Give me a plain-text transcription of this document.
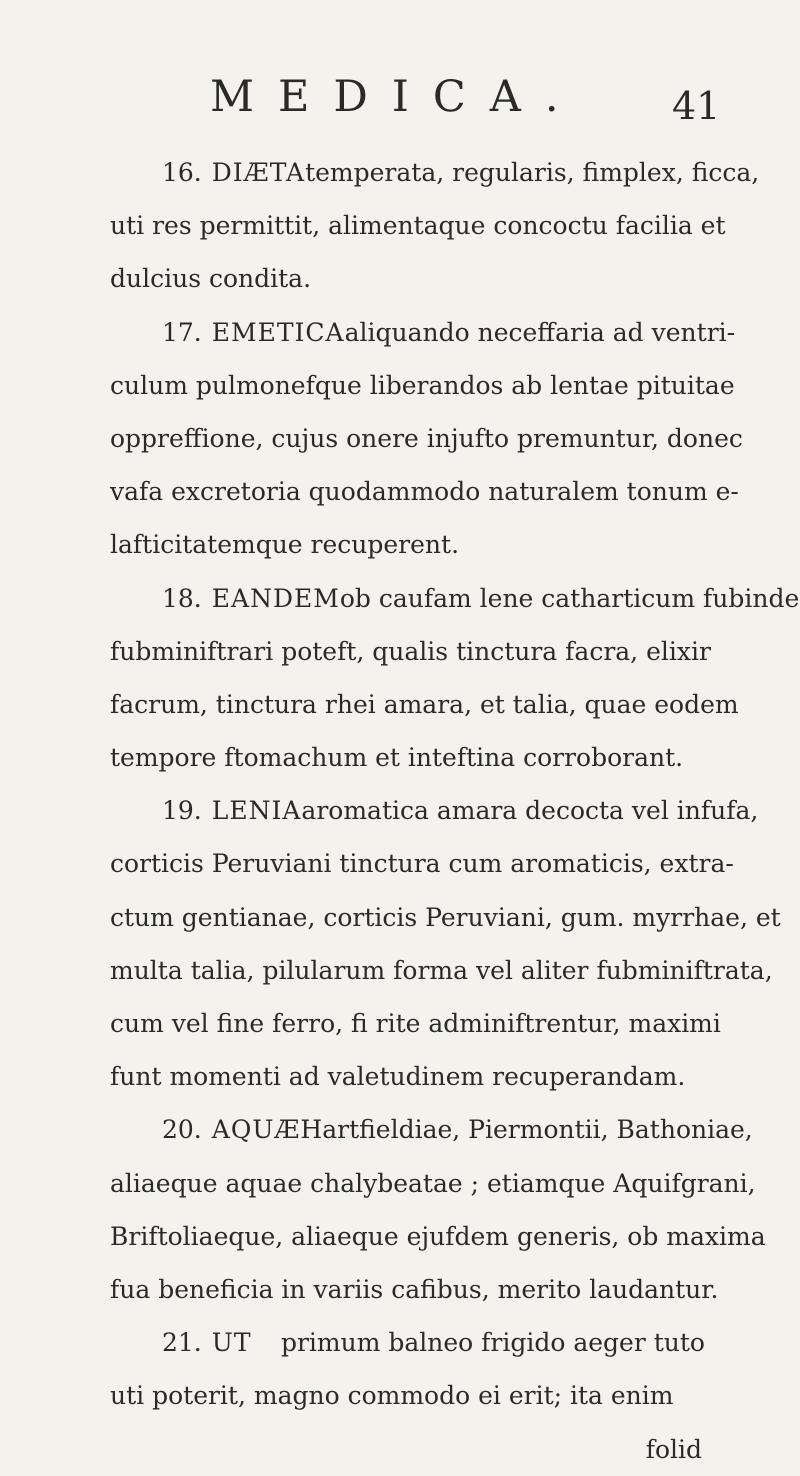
MEDICA. 41
16. DIÆTA temperata, regularis, fimplex, ficca,
uti res permittit, alimentaque concoctu facilia et
dulcius condita.
17. EMETICA aliquando neceffaria ad ventri-
culum pulmonefque liberandos ab lentae pituitae
oppreffione, cujus onere injufto premuntur, donec
vafa excretoria quodammodo naturalem tonum e-
lafticitatemque recuperent.
18. EANDEM ob caufam lene catharticum fubinde
fubminiftrari poteft, qualis tinctura facra, elixir
facrum, tinctura rhei amara, et talia, quae eodem
tempore ftomachum et inteftina corroborant.
19. LENIA aromatica amara decocta vel infufa,
corticis Peruviani tinctura cum aromaticis, extra-
ctum gentianae, corticis Peruviani, gum. myrrhae, et
multa talia, pilularum forma vel aliter fubminiftrata,
cum vel fine ferro, fi rite adminiftrentur, maximi
funt momenti ad valetudinem recuperandam.
20. AQUÆ Hartfieldiae, Piermontii, Bathoniae,
aliaeque aquae chalybeatae ; etiamque Aquifgrani,
Briftoliaeque, aliaeque ejufdem generis, ob maxima
fua beneficia in variis cafibus, merito laudantur.
21. UT primum balneo frigido aeger tuto
uti poterit, magno commodo ei erit; ita enim
folid
